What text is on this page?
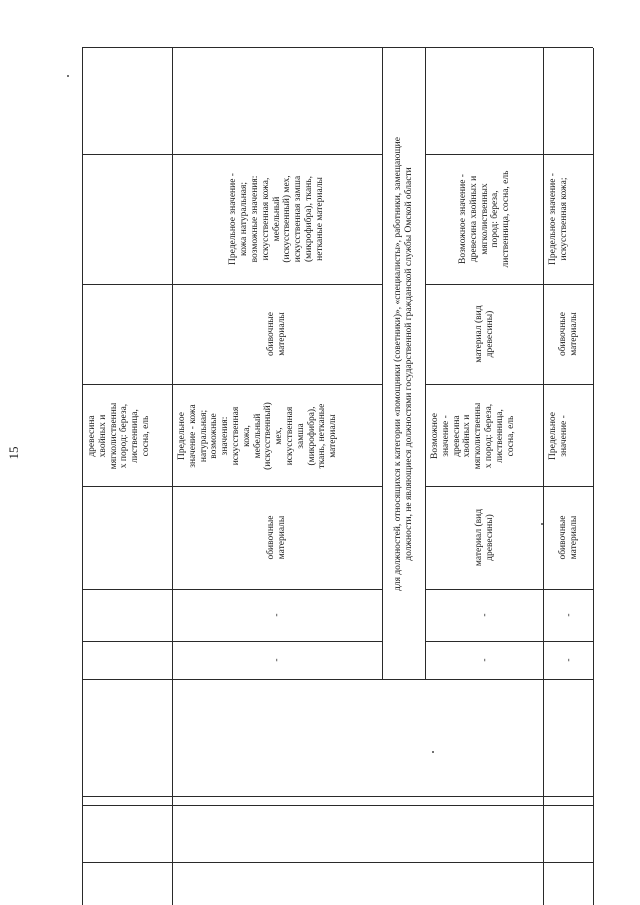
15	древесина
хвойных и
мягколиственны
х пород: береза,
лиственница,
сосна, ель
-
-
обивочные
материалы
Предельное
значение - кожа
натуральная;
возможные
значения:
искусственная
кожа,
мебельный
(искусственный)
мех,
искусственная
замша
(микрофибра),
ткань, нетканые
материалы
обивочные
материалы
Предельное значение -
кожа натуральная;
возможные значения:
искусственная кожа,
мебельный
(искусственный) мех,
искусственная замша
(микрофибра), ткань,
нетканые материалы
для должностей, относящихся к категории «помощники (советники)», «специалисты», работники, замещающие
должности, не являющиеся должностями государственной гражданской службы Омской области
-
-
материал (вид
древесины)
Возможное
значение -
древесина
хвойных и
мягколиственны
х пород: береза,
лиственница,
сосна, ель
материал (вид
древесины)
Возможное значение -
древесина хвойных и
мягколиственных
пород: береза,
лиственница, сосна, ель
-
-
обивочные
материалы
Предельное
значение -
обивочные
материалы
Предельное значение -
искусственная кожа;
